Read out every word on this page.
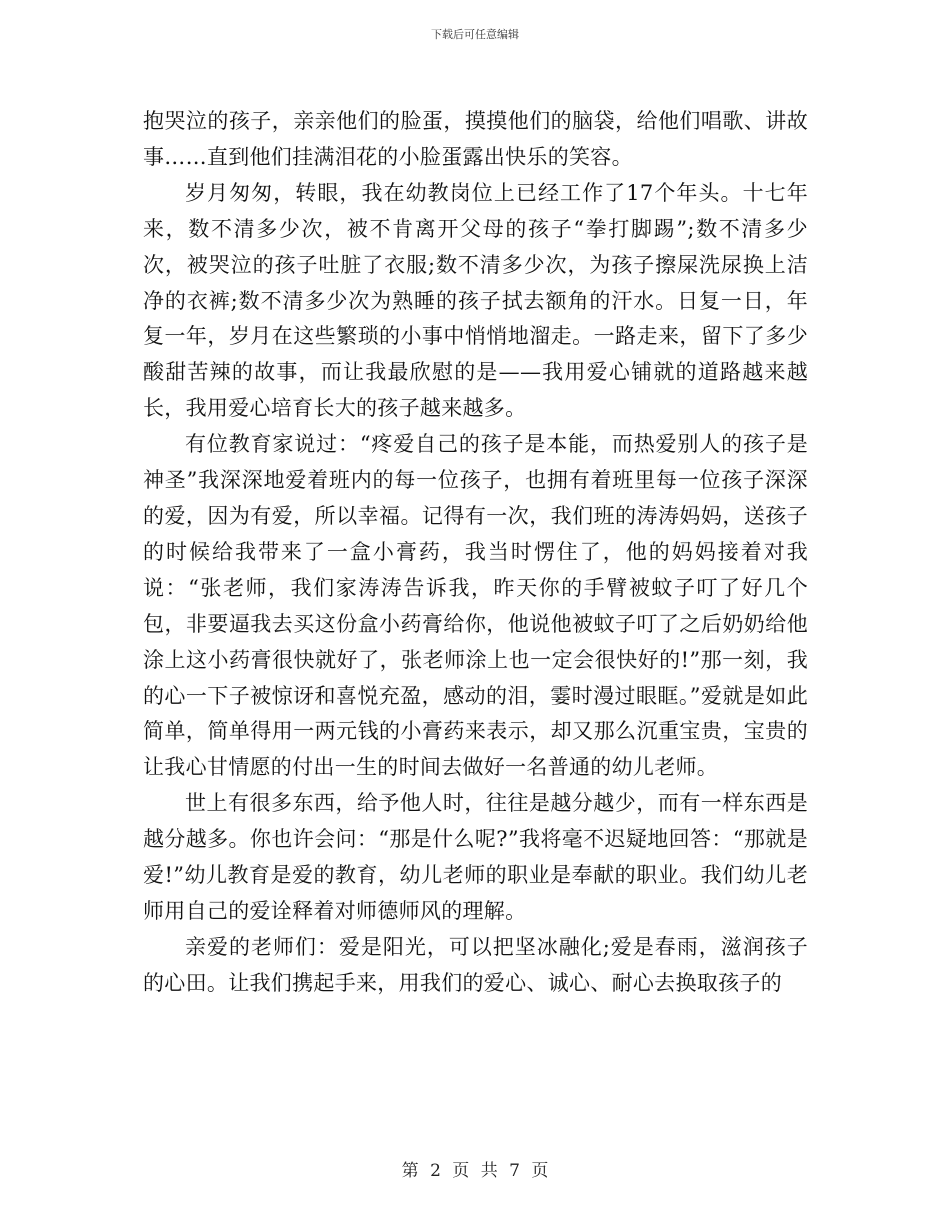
下载后可任意编辑

抱哭泣的孩子，亲亲他们的脸蛋，摸摸他们的脑袋，给他们唱歌、讲故事……直到他们挂满泪花的小脸蛋露出快乐的笑容。

岁月匆匆，转眼，我在幼教岗位上已经工作了17个年头。十七年来，数不清多少次，被不肯离开父母的孩子“拳打脚踢”;数不清多少次，被哭泣的孩子吐脏了衣服;数不清多少次，为孩子擦屎洗尿换上洁净的衣裤;数不清多少次为熟睡的孩子拭去额角的汗水。日复一日，年复一年，岁月在这些繁琐的小事中悄悄地溜走。一路走来，留下了多少酸甜苦辣的故事，而让我最欣慰的是——我用爱心铺就的道路越来越长，我用爱心培育长大的孩子越来越多。

有位教育家说过：“疼爱自己的孩子是本能，而热爱别人的孩子是神圣”我深深地爱着班内的每一位孩子，也拥有着班里每一位孩子深深的爱，因为有爱，所以幸福。记得有一次，我们班的涛涛妈妈，送孩子的时候给我带来了一盒小膏药，我当时愣住了，他的妈妈接着对我说：“张老师，我们家涛涛告诉我，昨天你的手臂被蚊子叮了好几个包，非要逼我去买这份盒小药膏给你，他说他被蚊子叮了之后奶奶给他涂上这小药膏很快就好了，张老师涂上也一定会很快好的!”那一刻，我的心一下子被惊讶和喜悦充盈，感动的泪，霎时漫过眼眶。”爱就是如此简单，简单得用一两元钱的小膏药来表示，却又那么沉重宝贵，宝贵的让我心甘情愿的付出一生的时间去做好一名普通的幼儿老师。

世上有很多东西，给予他人时，往往是越分越少，而有一样东西是越分越多。你也许会问：“那是什么呢?”我将毫不迟疑地回答：“那就是爱!”幼儿教育是爱的教育，幼儿老师的职业是奉献的职业。我们幼儿老师用自己的爱诠释着对师德师风的理解。

亲爱的老师们：爱是阳光，可以把坚冰融化;爱是春雨，滋润孩子的心田。让我们携起手来，用我们的爱心、诚心、耐心去换取孩子的

第 2 页 共 7 页
